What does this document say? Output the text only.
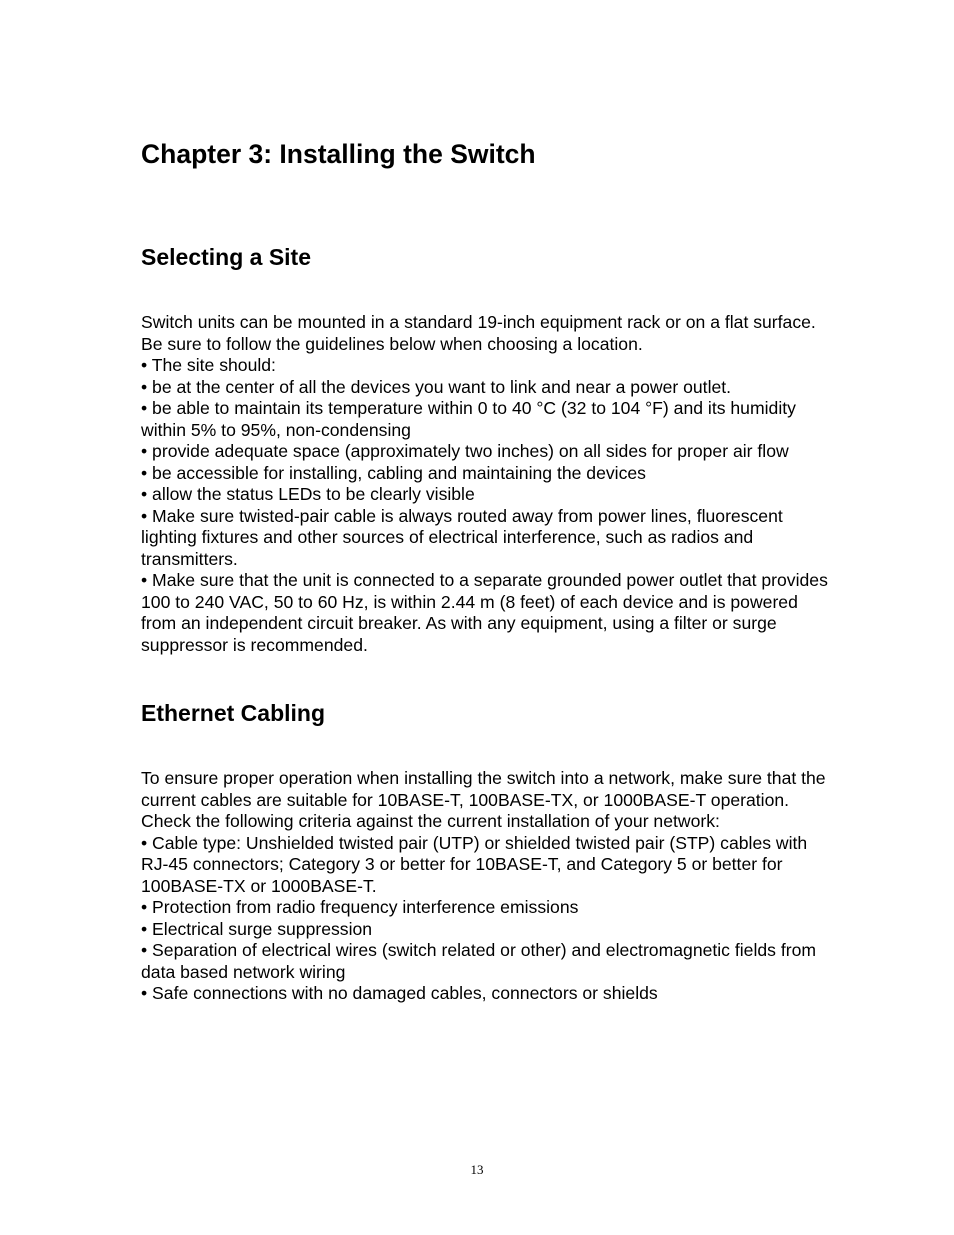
Chapter 3: Installing the Switch
Selecting a Site

Switch units can be mounted in a standard 19-inch equipment rack or on a flat surface. Be sure to follow the guidelines below when choosing a location.

• The site should:

• be at the center of all the devices you want to link and near a power outlet.

• be able to maintain its temperature within 0 to 40 °C (32 to 104 °F) and its humidity within 5% to 95%, non-condensing

• provide adequate space (approximately two inches) on all sides for proper air flow

• be accessible for installing, cabling and maintaining the devices

• allow the status LEDs to be clearly visible

• Make sure twisted-pair cable is always routed away from power lines, fluorescent lighting fixtures and other sources of electrical interference, such as radios and transmitters.

• Make sure that the unit is connected to a separate grounded power outlet that provides 100 to 240 VAC, 50 to 60 Hz, is within 2.44 m (8 feet) of each device and is powered from an independent circuit breaker. As with any equipment, using a filter or surge suppressor is recommended.

Ethernet Cabling

To ensure proper operation when installing the switch into a network, make sure that the current cables are suitable for 10BASE-T, 100BASE-TX, or 1000BASE-T operation. Check the following criteria against the current installation of your network:

• Cable type: Unshielded twisted pair (UTP) or shielded twisted pair (STP) cables with RJ-45 connectors; Category 3 or better for 10BASE-T, and Category 5 or better for 100BASE-TX or 1000BASE-T.

• Protection from radio frequency interference emissions

• Electrical surge suppression

• Separation of electrical wires (switch related or other) and electromagnetic fields from data based network wiring

• Safe connections with no damaged cables, connectors or shields

13
